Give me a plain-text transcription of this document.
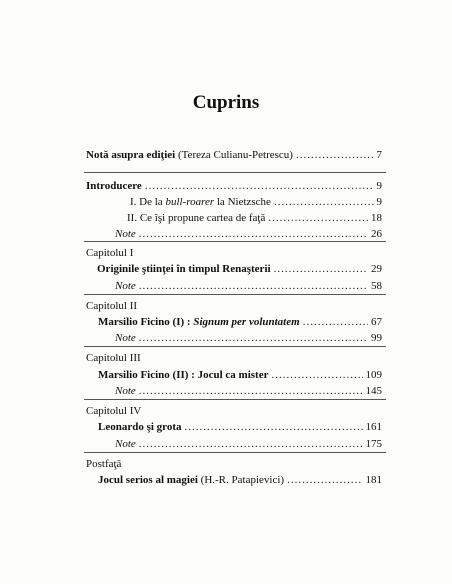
Cuprins
Notă asupra ediţiei (Tereza Culianu-Petrescu) .....	7
Introducere .....	9
I. De la bull-roarer la Nietzsche .....	9
II. Ce îşi propune cartea de faţă .....	18
Note .....	26
Capitolul I
Originile ştiinţei în timpul Renaşterii .....	29
Note .....	58
Capitolul II
Marsilio Ficino (I) : Signum per voluntatem .....	67
Note .....	99
Capitolul III
Marsilio Ficino (II) : Jocul ca mister .....	109
Note .....	145
Capitolul IV
Leonardo şi grota .....	161
Note .....	175
Postfaţă
Jocul serios al magiei (H.-R. Patapievici) .....	181
